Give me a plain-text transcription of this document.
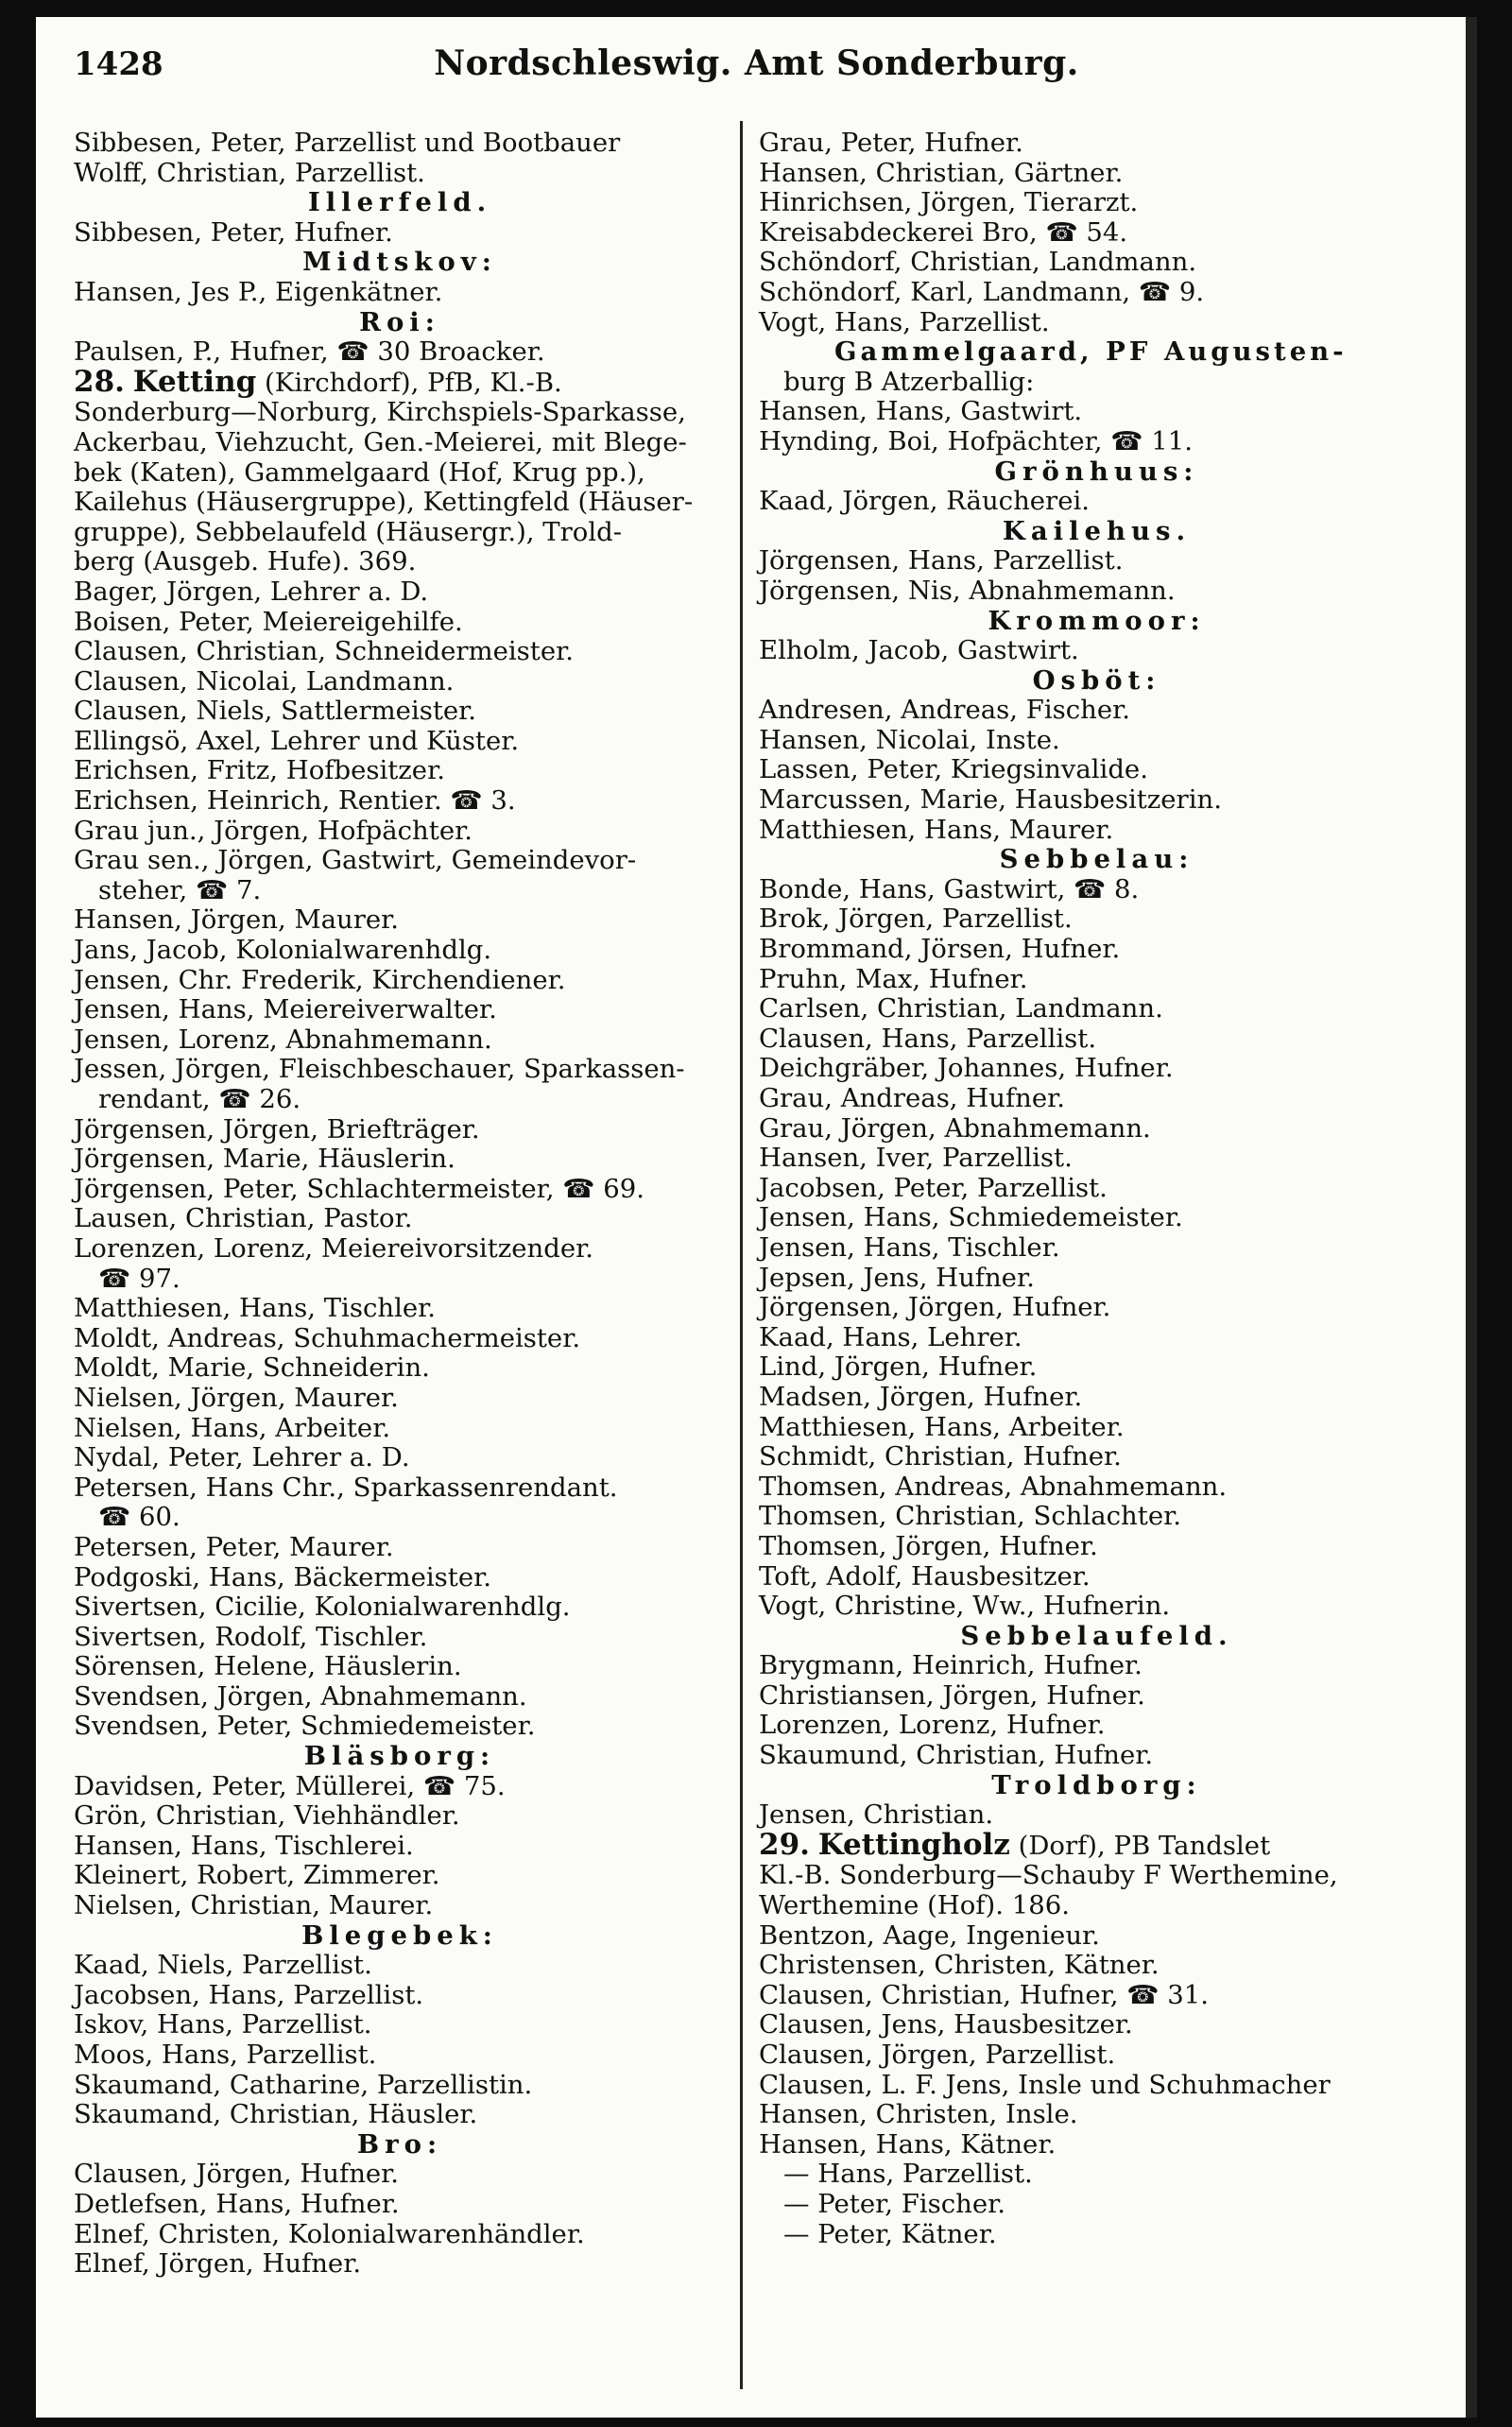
1428	Nordschleswig. Amt Sonderburg.
Sibbesen, Peter, Parzellist und Bootbauer
Wolff, Christian, Parzellist.
Illerfeld.
Sibbesen, Peter, Hufner.
Midtskov:
Hansen, Jes P., Eigenkätner.
Roi:
Paulsen, P., Hufner, ☎ 30 Broacker.
28. Ketting (Kirchdorf), PfB, Kl.-B.
Sonderburg—Norburg, Kirchspiels-Sparkasse,
Ackerbau, Viehzucht, Gen.-Meierei, mit Blege-
bek (Katen), Gammelgaard (Hof, Krug pp.),
Kailehus (Häusergruppe), Kettingfeld (Häuser-
gruppe), Sebbelaufeld (Häusergr.), Trold-
berg (Ausgeb. Hufe). 369.
Bager, Jörgen, Lehrer a. D.
Boisen, Peter, Meiereigehilfe.
Clausen, Christian, Schneidermeister.
Clausen, Nicolai, Landmann.
Clausen, Niels, Sattlermeister.
Ellingsö, Axel, Lehrer und Küster.
Erichsen, Fritz, Hofbesitzer.
Erichsen, Heinrich, Rentier. ☎ 3.
Grau jun., Jörgen, Hofpächter.
Grau sen., Jörgen, Gastwirt, Gemeindevor-
steher, ☎ 7.
Hansen, Jörgen, Maurer.
Jans, Jacob, Kolonialwarenhdlg.
Jensen, Chr. Frederik, Kirchendiener.
Jensen, Hans, Meiereiverwalter.
Jensen, Lorenz, Abnahmemann.
Jessen, Jörgen, Fleischbeschauer, Sparkassen-
rendant, ☎ 26.
Jörgensen, Jörgen, Briefträger.
Jörgensen, Marie, Häuslerin.
Jörgensen, Peter, Schlachtermeister, ☎ 69.
Lausen, Christian, Pastor.
Lorenzen, Lorenz, Meiereivorsitzender.
☎ 97.
Matthiesen, Hans, Tischler.
Moldt, Andreas, Schuhmachermeister.
Moldt, Marie, Schneiderin.
Nielsen, Jörgen, Maurer.
Nielsen, Hans, Arbeiter.
Nydal, Peter, Lehrer a. D.
Petersen, Hans Chr., Sparkassenrendant.
☎ 60.
Petersen, Peter, Maurer.
Podgoski, Hans, Bäckermeister.
Sivertsen, Cicilie, Kolonialwarenhdlg.
Sivertsen, Rodolf, Tischler.
Sörensen, Helene, Häuslerin.
Svendsen, Jörgen, Abnahmemann.
Svendsen, Peter, Schmiedemeister.
Bläsborg:
Davidsen, Peter, Müllerei, ☎ 75.
Grön, Christian, Viehhändler.
Hansen, Hans, Tischlerei.
Kleinert, Robert, Zimmerer.
Nielsen, Christian, Maurer.
Blegebek:
Kaad, Niels, Parzellist.
Jacobsen, Hans, Parzellist.
Iskov, Hans, Parzellist.
Moos, Hans, Parzellist.
Skaumand, Catharine, Parzellistin.
Skaumand, Christian, Häusler.
Bro:
Clausen, Jörgen, Hufner.
Detlefsen, Hans, Hufner.
Elnef, Christen, Kolonialwarenhändler.
Elnef, Jörgen, Hufner.
Grau, Peter, Hufner.
Hansen, Christian, Gärtner.
Hinrichsen, Jörgen, Tierarzt.
Kreisabdeckerei Bro, ☎ 54.
Schöndorf, Christian, Landmann.
Schöndorf, Karl, Landmann, ☎ 9.
Vogt, Hans, Parzellist.
Gammelgaard, PF Augusten-
burg B Atzerballig:
Hansen, Hans, Gastwirt.
Hynding, Boi, Hofpächter, ☎ 11.
Grönhuus:
Kaad, Jörgen, Räucherei.
Kailehus.
Jörgensen, Hans, Parzellist.
Jörgensen, Nis, Abnahmemann.
Krommoor:
Elholm, Jacob, Gastwirt.
Osböt:
Andresen, Andreas, Fischer.
Hansen, Nicolai, Inste.
Lassen, Peter, Kriegsinvalide.
Marcussen, Marie, Hausbesitzerin.
Matthiesen, Hans, Maurer.
Sebbelau:
Bonde, Hans, Gastwirt, ☎ 8.
Brok, Jörgen, Parzellist.
Brommand, Jörsen, Hufner.
Pruhn, Max, Hufner.
Carlsen, Christian, Landmann.
Clausen, Hans, Parzellist.
Deichgräber, Johannes, Hufner.
Grau, Andreas, Hufner.
Grau, Jörgen, Abnahmemann.
Hansen, Iver, Parzellist.
Jacobsen, Peter, Parzellist.
Jensen, Hans, Schmiedemeister.
Jensen, Hans, Tischler.
Jepsen, Jens, Hufner.
Jörgensen, Jörgen, Hufner.
Kaad, Hans, Lehrer.
Lind, Jörgen, Hufner.
Madsen, Jörgen, Hufner.
Matthiesen, Hans, Arbeiter.
Schmidt, Christian, Hufner.
Thomsen, Andreas, Abnahmemann.
Thomsen, Christian, Schlachter.
Thomsen, Jörgen, Hufner.
Toft, Adolf, Hausbesitzer.
Vogt, Christine, Ww., Hufnerin.
Sebbelaufeld.
Brygmann, Heinrich, Hufner.
Christiansen, Jörgen, Hufner.
Lorenzen, Lorenz, Hufner.
Skaumund, Christian, Hufner.
Troldborg:
Jensen, Christian.
29. Kettingholz (Dorf), PB Tandslet
Kl.-B. Sonderburg—Schauby F Werthemine,
Werthemine (Hof). 186.
Bentzon, Aage, Ingenieur.
Christensen, Christen, Kätner.
Clausen, Christian, Hufner, ☎ 31.
Clausen, Jens, Hausbesitzer.
Clausen, Jörgen, Parzellist.
Clausen, L. F. Jens, Insle und Schuhmacher
Hansen, Christen, Insle.
Hansen, Hans, Kätner.
— Hans, Parzellist.
— Peter, Fischer.
— Peter, Kätner.
